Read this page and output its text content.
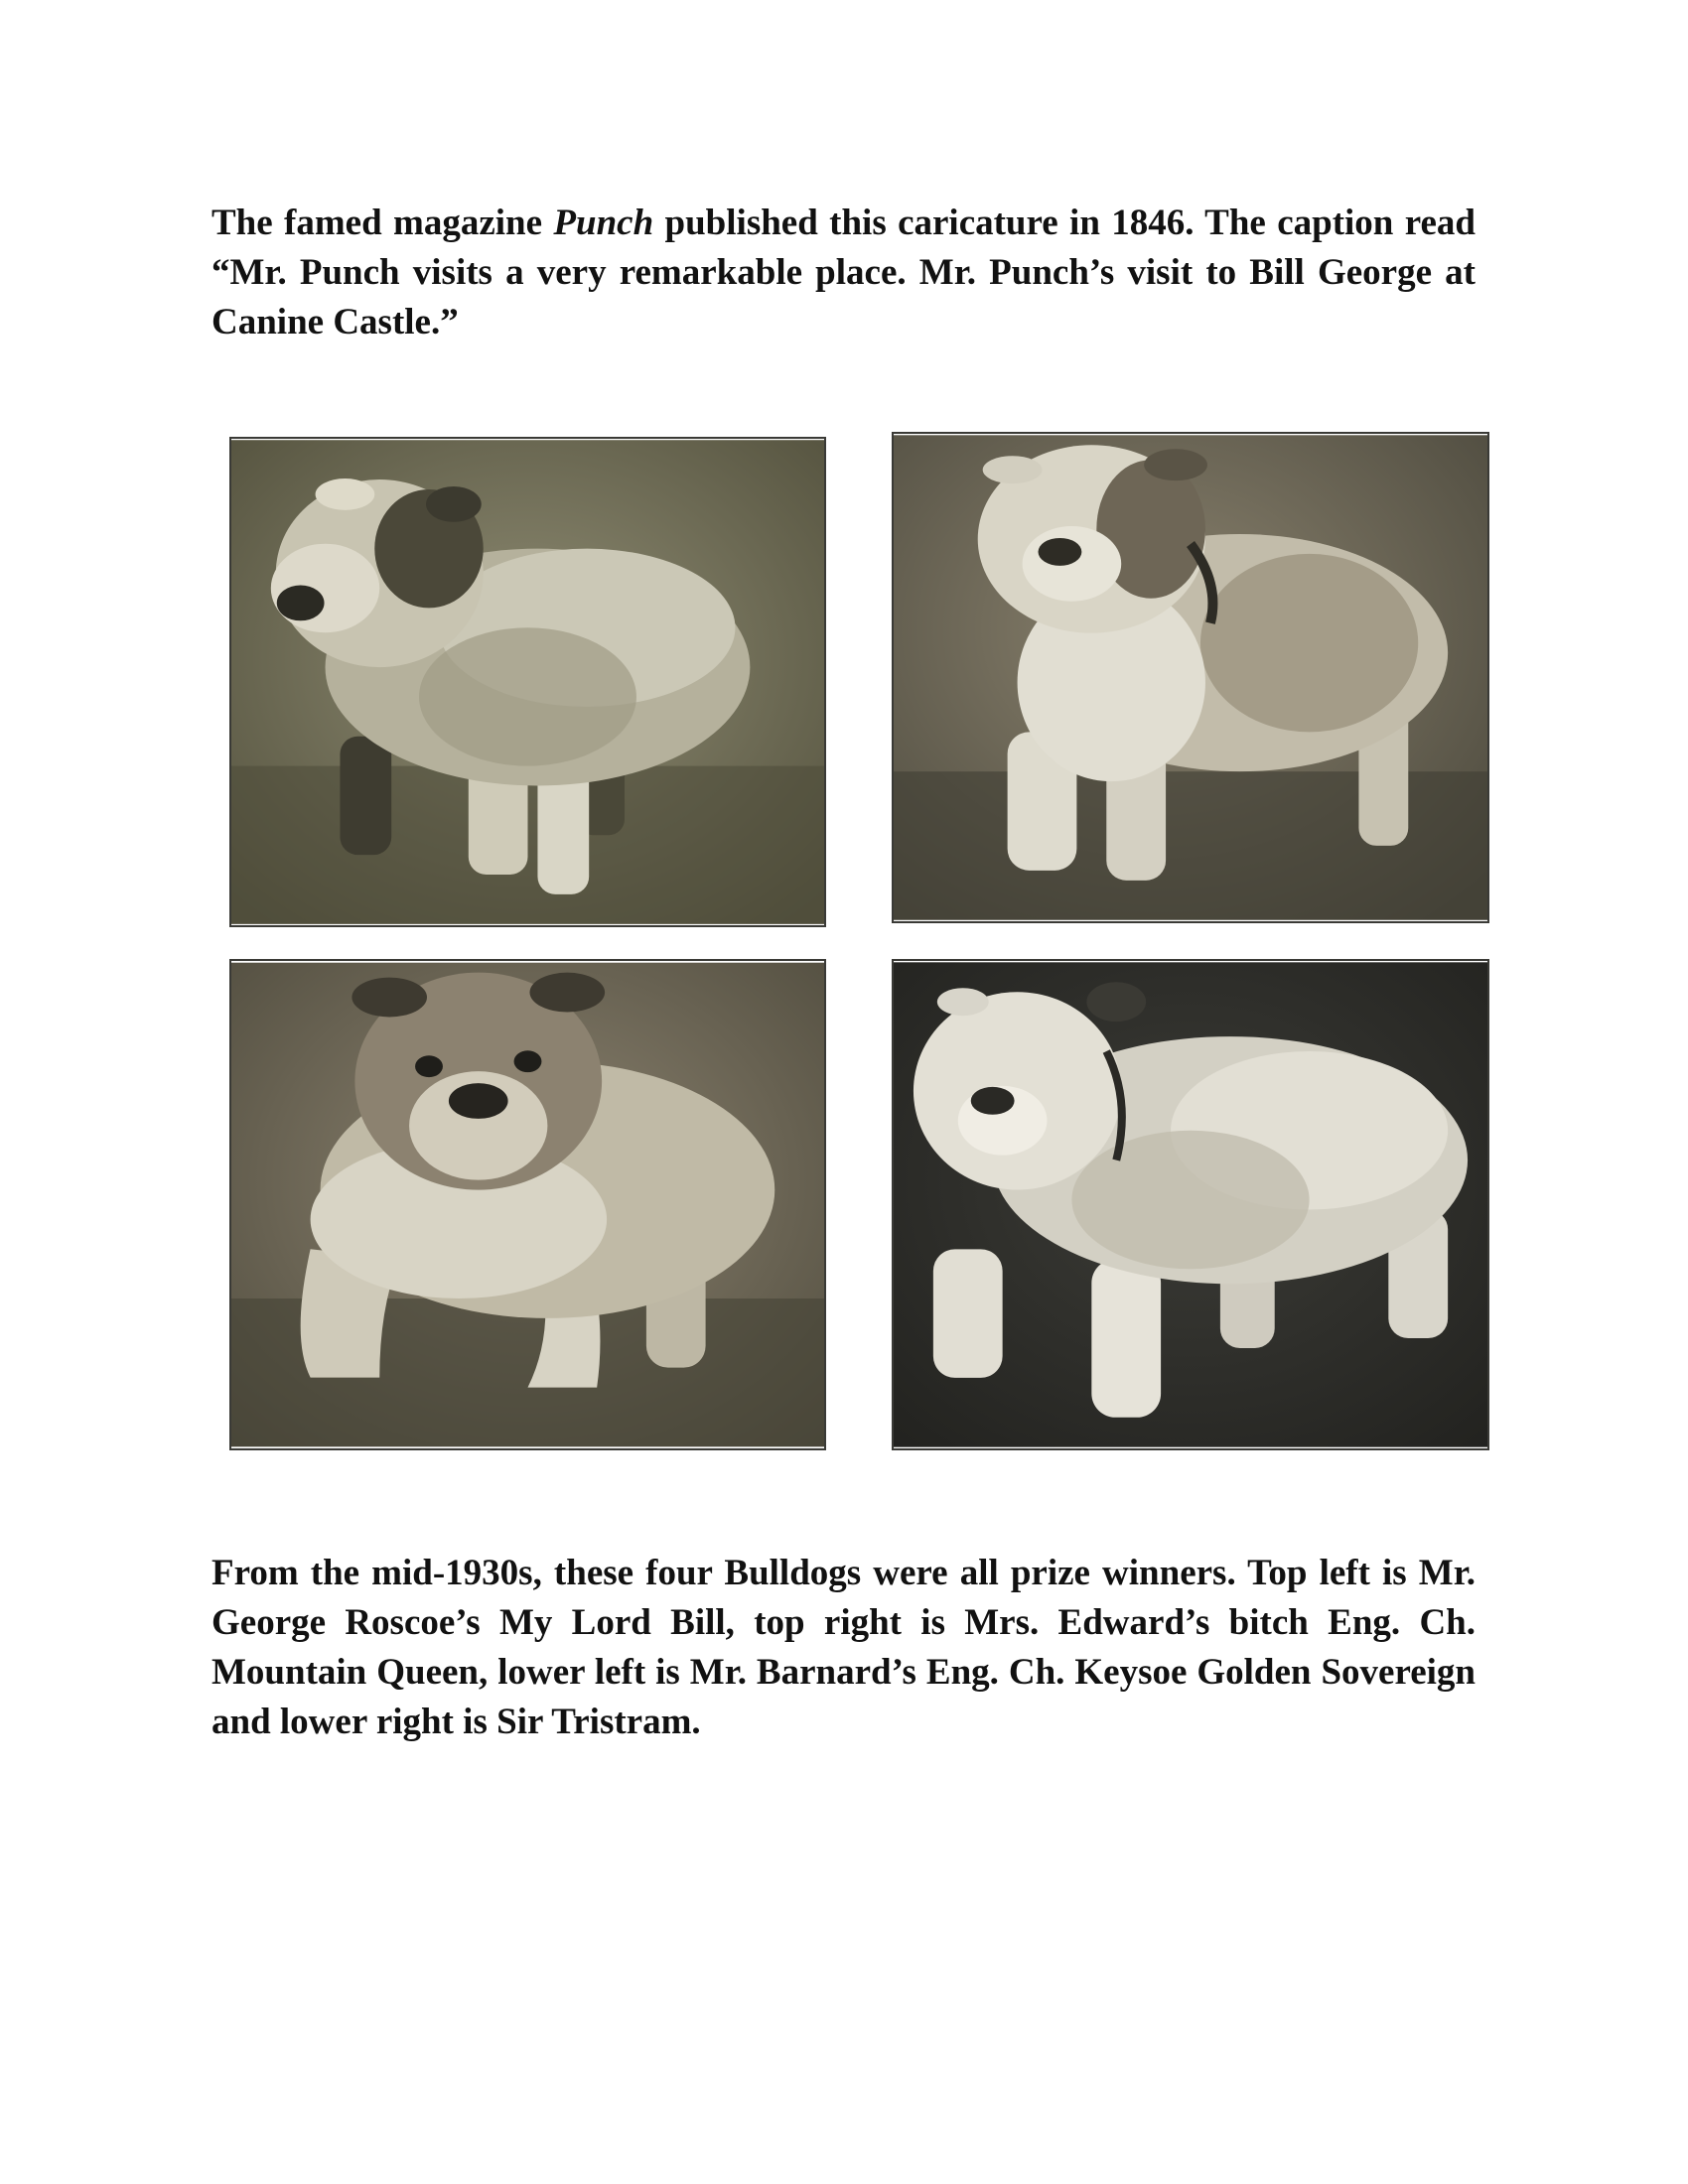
The famed magazine Punch published this caricature in 1846. The caption read “Mr. Punch visits a very remarkable place. Mr. Punch’s visit to Bill George at Canine Castle.”

From the mid-1930s, these four Bulldogs were all prize winners. Top left is Mr. George Roscoe’s My Lord Bill, top right is Mrs. Edward’s bitch Eng. Ch. Mountain Queen, lower left is Mr. Barnard’s Eng. Ch. Keysoe Golden Sovereign and lower right is Sir Tristram.
